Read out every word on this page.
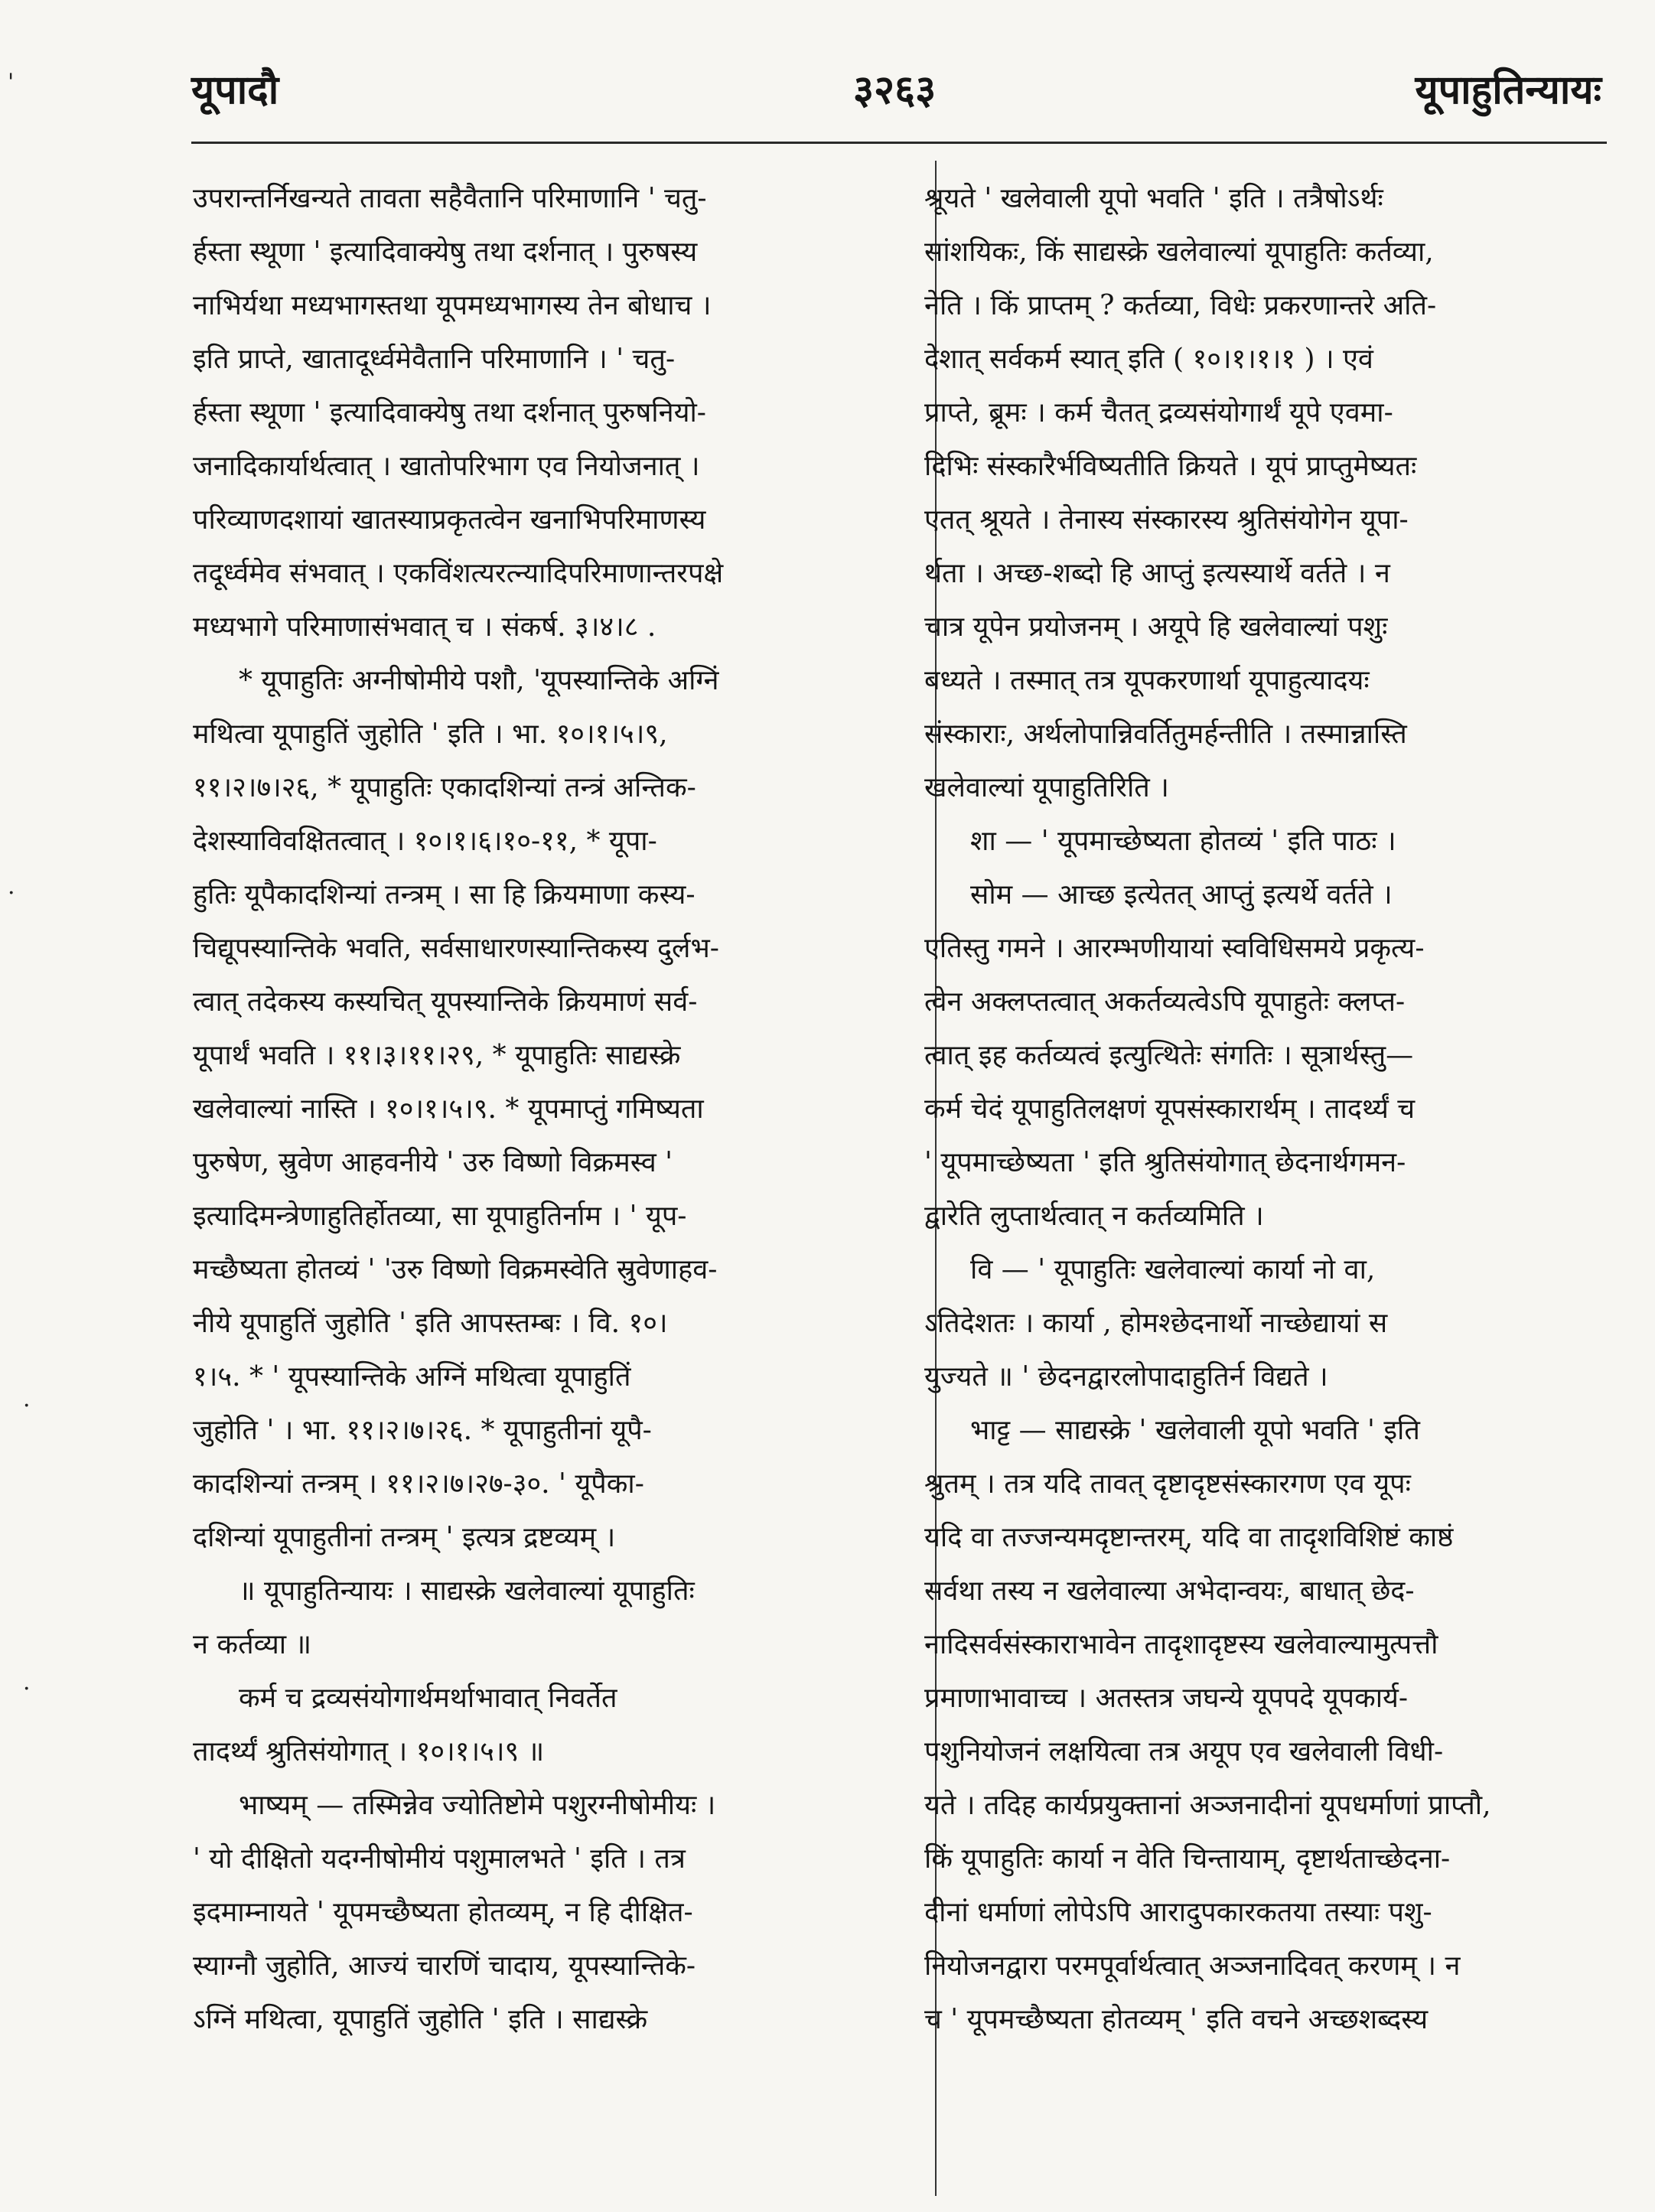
यूपादौ	३२६३	यूपाहुतिन्यायः
'
·
·
·
उपरान्तर्निखन्यते तावता सहैवैतानि परिमाणानि ' चतु-
र्हस्ता स्थूणा ' इत्यादिवाक्येषु तथा दर्शनात् । पुरुषस्य
नाभिर्यथा मध्यभागस्तथा यूपमध्यभागस्य तेन बोधाच ।
इति प्राप्ते, खातादूर्ध्वमेवैतानि परिमाणानि । ' चतु-
र्हस्ता स्थूणा ' इत्यादिवाक्येषु तथा दर्शनात् पुरुषनियो-
जनादिकार्यार्थत्वात् । खातोपरिभाग एव नियोजनात् ।
परिव्याणदशायां खातस्याप्रकृतत्वेन खनाभिपरिमाणस्य
तदूर्ध्वमेव संभवात् । एकविंशत्यरत्न्यादिपरिमाणान्तरपक्षे
मध्यभागे परिमाणासंभवात् च । संकर्ष. ३।४।८ .
* यूपाहुतिः अग्नीषोमीये पशौ, 'यूपस्यान्तिके अग्निं
मथित्वा यूपाहुतिं जुहोति ' इति । भा. १०।१।५।९,
११।२।७।२६, * यूपाहुतिः एकादशिन्यां तन्त्रं अन्तिक-
देशस्याविवक्षितत्वात् । १०।१।६।१०-११, * यूपा-
हुतिः यूपैकादशिन्यां तन्त्रम् । सा हि क्रियमाणा कस्य-
चिद्यूपस्यान्तिके भवति, सर्वसाधारणस्यान्तिकस्य दुर्लभ-
त्वात् तदेकस्य कस्यचित् यूपस्यान्तिके क्रियमाणं सर्व-
यूपार्थं भवति । ११।३।११।२९, * यूपाहुतिः साद्यस्क्रे
खलेवाल्यां नास्ति । १०।१।५।९. * यूपमाप्तुं गमिष्यता
पुरुषेण, स्रुवेण आहवनीये ' उरु विष्णो विक्रमस्व '
इत्यादिमन्त्रेणाहुतिर्होतव्या, सा यूपाहुतिर्नाम । ' यूप-
मच्छैष्यता होतव्यं ' 'उरु विष्णो विक्रमस्वेति स्रुवेणाहव-
नीये यूपाहुतिं जुहोति ' इति आपस्तम्बः । वि. १०।
१।५. * ' यूपस्यान्तिके अग्निं मथित्वा यूपाहुतिं
जुहोति ' । भा. ११।२।७।२६. * यूपाहुतीनां यूपै-
कादशिन्यां तन्त्रम् । ११।२।७।२७-३०. ' यूपैका-
दशिन्यां यूपाहुतीनां तन्त्रम् ' इत्यत्र द्रष्टव्यम् ।
॥ यूपाहुतिन्यायः । साद्यस्क्रे खलेवाल्यां यूपाहुतिः
न कर्तव्या ॥
कर्म च द्रव्यसंयोगार्थमर्थाभावात् निवर्तेत
तादर्थ्यं श्रुतिसंयोगात् । १०।१।५।९ ॥
भाष्यम् — तस्मिन्नेव ज्योतिष्टोमे पशुरग्नीषोमीयः ।
' यो दीक्षितो यदग्नीषोमीयं पशुमालभते ' इति । तत्र
इदमाम्नायते ' यूपमच्छैष्यता होतव्यम्, न हि दीक्षित-
स्याग्नौ जुहोति, आज्यं चारणिं चादाय, यूपस्यान्तिके-
ऽग्निं मथित्वा, यूपाहुतिं जुहोति ' इति । साद्यस्क्रे
श्रूयते ' खलेवाली यूपो भवति ' इति । तत्रैषोऽर्थः
सांशयिकः, किं साद्यस्क्रे खलेवाल्यां यूपाहुतिः कर्तव्या,
नेति । किं प्राप्तम् ? कर्तव्या, विधेः प्रकरणान्तरे अति-
देशात् सर्वकर्म स्यात् इति ( १०।१।१।१ ) । एवं
प्राप्ते, ब्रूमः । कर्म चैतत् द्रव्यसंयोगार्थं यूपे एवमा-
दिभिः संस्कारैर्भविष्यतीति क्रियते । यूपं प्राप्तुमेष्यतः
एतत् श्रूयते । तेनास्य संस्कारस्य श्रुतिसंयोगेन यूपा-
र्थता । अच्छ-शब्दो हि आप्तुं इत्यस्यार्थे वर्तते । न
चात्र यूपेन प्रयोजनम् । अयूपे हि खलेवाल्यां पशुः
बध्यते । तस्मात् तत्र यूपकरणार्था यूपाहुत्यादयः
संस्काराः, अर्थलोपान्निवर्तितुमर्हन्तीति । तस्मान्नास्ति
खलेवाल्यां यूपाहुतिरिति ।
शा — ' यूपमाच्छेष्यता होतव्यं ' इति पाठः ।
सोम — आच्छ इत्येतत् आप्तुं इत्यर्थे वर्तते ।
एतिस्तु गमने । आरम्भणीयायां स्वविधिसमये प्रकृत्य-
त्वेन अक्लप्तत्वात् अकर्तव्यत्वेऽपि यूपाहुतेः क्लप्त-
त्वात् इह कर्तव्यत्वं इत्युत्थितेः संगतिः । सूत्रार्थस्तु—
कर्म चेदं यूपाहुतिलक्षणं यूपसंस्कारार्थम् । तादर्थ्यं च
' यूपमाच्छेष्यता ' इति श्रुतिसंयोगात् छेदनार्थगमन-
द्वारेति लुप्तार्थत्वात् न कर्तव्यमिति ।
वि — ' यूपाहुतिः खलेवाल्यां कार्या नो वा,
ऽतिदेशतः । कार्या , होमश्छेदनार्थो नाच्छेद्यायां स
युज्यते ॥ ' छेदनद्वारलोपादाहुतिर्न विद्यते ।
भाट्ट — साद्यस्क्रे ' खलेवाली यूपो भवति ' इति
श्रुतम् । तत्र यदि तावत् दृष्टादृष्टसंस्कारगण एव यूपः
यदि वा तज्जन्यमदृष्टान्तरम्, यदि वा तादृशविशिष्टं काष्ठं
सर्वथा तस्य न खलेवाल्या अभेदान्वयः, बाधात् छेद-
नादिसर्वसंस्काराभावेन तादृशादृष्टस्य खलेवाल्यामुत्पत्तौ
प्रमाणाभावाच्च । अतस्तत्र जघन्ये यूपपदे यूपकार्य-
पशुनियोजनं लक्षयित्वा तत्र अयूप एव खलेवाली विधी-
यते । तदिह कार्यप्रयुक्तानां अञ्जनादीनां यूपधर्माणां प्राप्तौ,
किं यूपाहुतिः कार्या न वेति चिन्तायाम्, दृष्टार्थताच्छेदना-
दीनां धर्माणां लोपेऽपि आरादुपकारकतया तस्याः पशु-
नियोजनद्वारा परमपूर्वार्थत्वात् अञ्जनादिवत् करणम् । न
च ' यूपमच्छैष्यता होतव्यम् ' इति वचने अच्छशब्दस्य
